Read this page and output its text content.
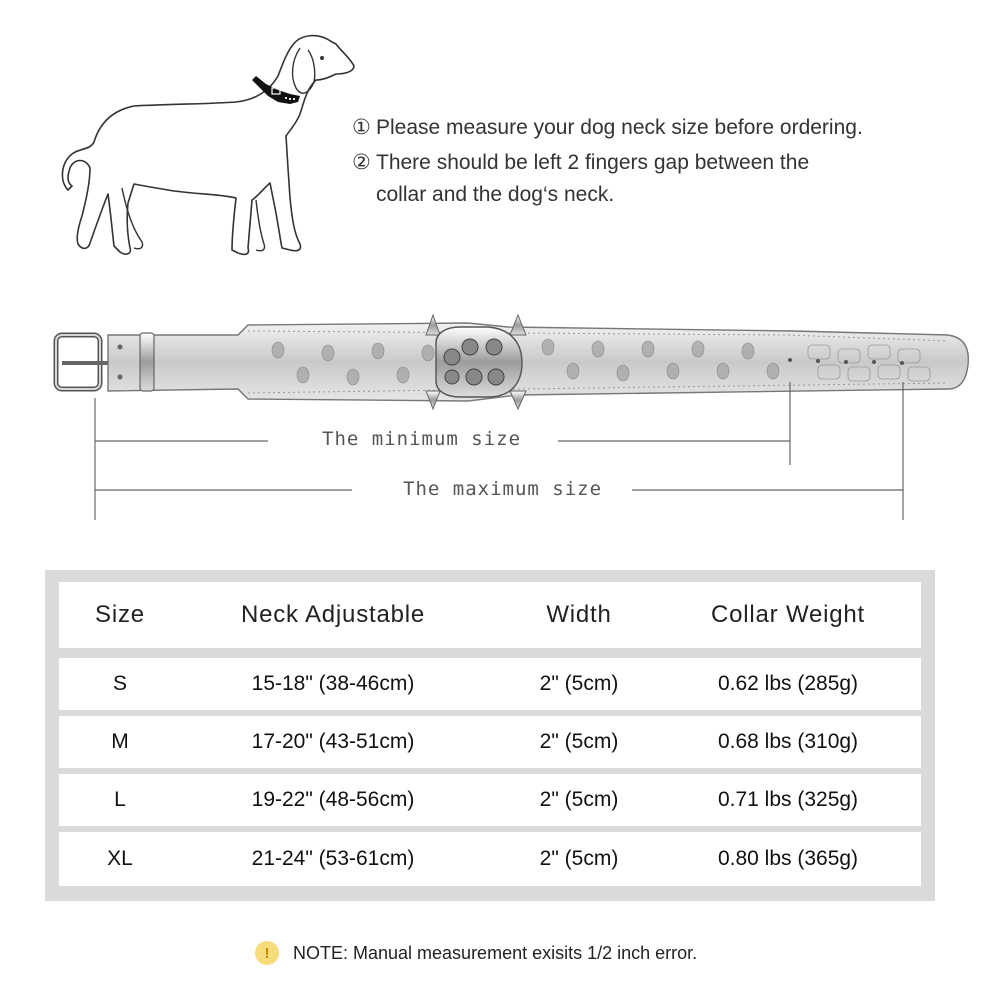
① Please measure your dog neck size before ordering.
② There should be left 2 fingers gap between the
collar and the dog‘s neck.
The minimum size
The maximum size
Size	Neck Adjustable	Width	Collar Weight
S	15-18" (38-46cm)	2" (5cm)	0.62 lbs (285g)
M	17-20" (43-51cm)	2" (5cm)	0.68 lbs (310g)
L	19-22" (48-56cm)	2" (5cm)	0.71 lbs (325g)
XL	21-24" (53-61cm)	2" (5cm)	0.80 lbs (365g)
!	NOTE: Manual measurement exisits 1/2 inch error.
